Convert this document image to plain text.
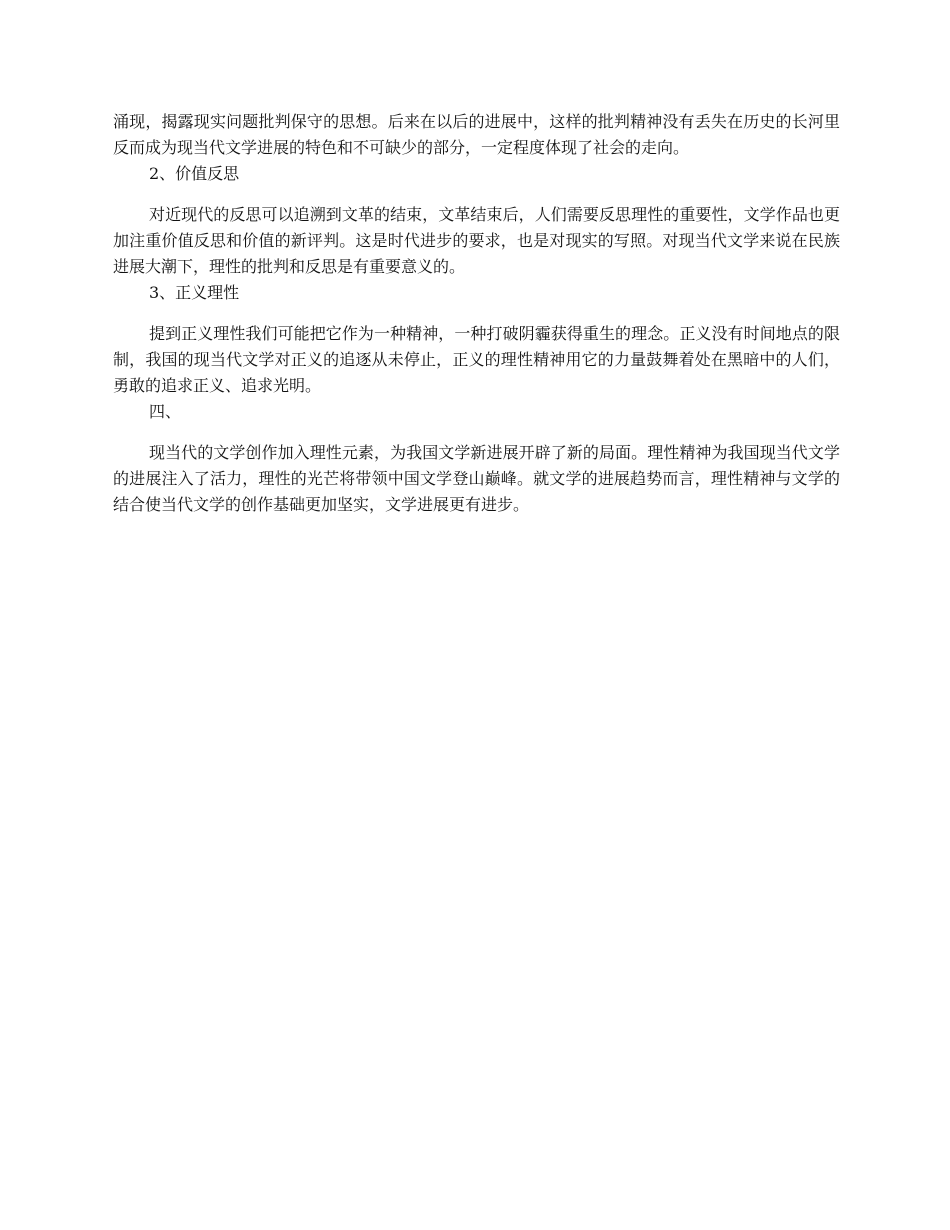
涌现，揭露现实问题批判保守的思想。后来在以后的进展中，这样的批判精神没有丢失在历史的长河里反而成为现当代文学进展的特色和不可缺少的部分，一定程度体现了社会的走向。

2、价值反思

对近现代的反思可以追溯到文革的结束，文革结束后，人们需要反思理性的重要性，文学作品也更加注重价值反思和价值的新评判。这是时代进步的要求，也是对现实的写照。对现当代文学来说在民族进展大潮下，理性的批判和反思是有重要意义的。

3、正义理性

提到正义理性我们可能把它作为一种精神，一种打破阴霾获得重生的理念。正义没有时间地点的限制，我国的现当代文学对正义的追逐从未停止，正义的理性精神用它的力量鼓舞着处在黑暗中的人们，勇敢的追求正义、追求光明。

四、

现当代的文学创作加入理性元素，为我国文学新进展开辟了新的局面。理性精神为我国现当代文学的进展注入了活力，理性的光芒将带领中国文学登山巅峰。就文学的进展趋势而言，理性精神与文学的结合使当代文学的创作基础更加坚实，文学进展更有进步。
